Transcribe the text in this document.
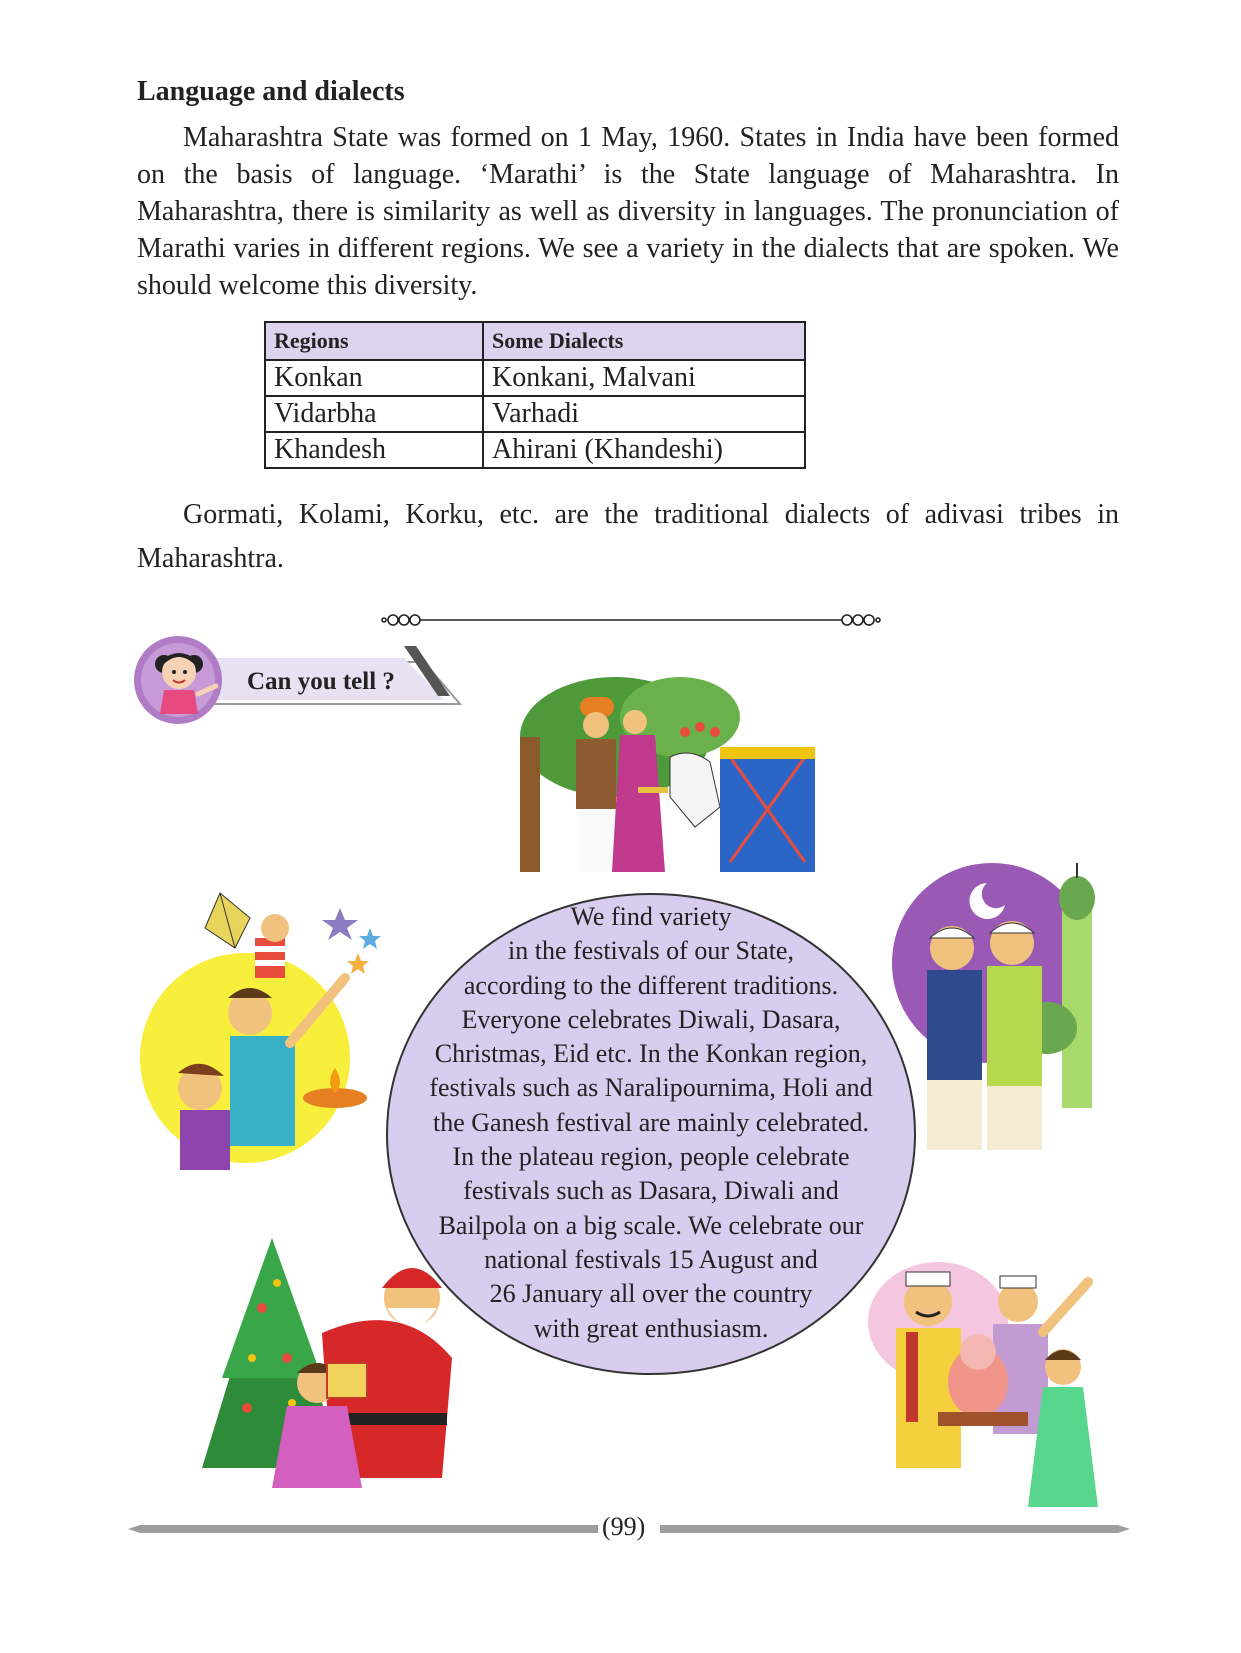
Language and dialects

Maharashtra State was formed on 1 May, 1960. States in India have been formed on the basis of language. ‘Marathi’ is the State language of Maharashtra. In Maharashtra, there is similarity as well as diversity in languages. The pronunciation of Marathi varies in different regions. We see a variety in the dialects that are spoken. We should welcome this diversity.

Regions	Some Dialects
Konkan	Konkani, Malvani
Vidarbha	Varhadi
Khandesh	Ahirani (Khandeshi)

Gormati, Kolami, Korku, etc. are the traditional dialects of adivasi tribes in Maharashtra.

Can you tell ?
We find variety
in the festivals of our State,
according to the different traditions.
Everyone celebrates Diwali, Dasara,
Christmas, Eid etc. In the Konkan region,
festivals such as Naralipournima, Holi and
the Ganesh festival are mainly celebrated.
In the plateau region, people celebrate
festivals such as Dasara, Diwali and
Bailpola on a big scale. We celebrate our
national festivals 15 August and
26 January all over the country
with great enthusiasm.
(99)
